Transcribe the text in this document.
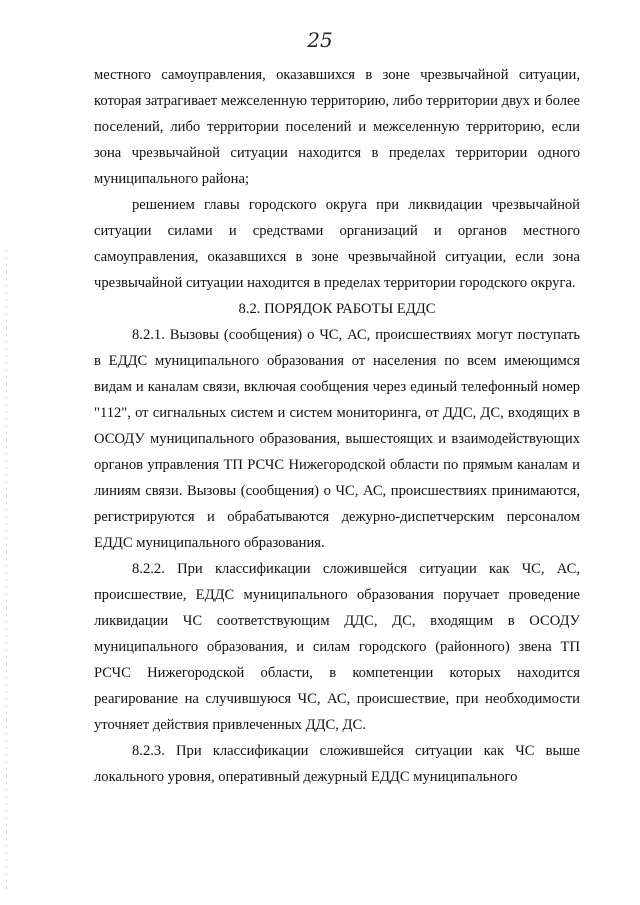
25

местного самоуправления, оказавшихся в зоне чрезвычайной ситуации, которая затрагивает межселенную территорию, либо территории двух и более поселений, либо территории поселений и межселенную территорию, если зона чрезвычайной ситуации находится в пределах территории одного муниципального района;

решением главы городского округа при ликвидации чрезвычайной ситуации силами и средствами организаций и органов местного самоуправления, оказавшихся в зоне чрезвычайной ситуации, если зона чрезвычайной ситуации находится в пределах территории городского округа.

8.2. ПОРЯДОК РАБОТЫ ЕДДС

8.2.1. Вызовы (сообщения) о ЧС, АС, происшествиях могут поступать в ЕДДС муниципального образования от населения по всем имеющимся видам и каналам связи, включая сообщения через единый телефонный номер "112", от сигнальных систем и систем мониторинга, от ДДС, ДС, входящих в ОСОДУ муниципального образования, вышестоящих и взаимодействующих органов управления ТП РСЧС Нижегородской области по прямым каналам и линиям связи. Вызовы (сообщения) о ЧС, АС, происшествиях принимаются, регистрируются и обрабатываются дежурно-диспетчерским персоналом ЕДДС муниципального образования.

8.2.2. При классификации сложившейся ситуации как ЧС, АС, происшествие, ЕДДС муниципального образования поручает проведение ликвидации ЧС соответствующим ДДС, ДС, входящим в ОСОДУ муниципального образования, и силам городского (районного) звена ТП РСЧС Нижегородской области, в компетенции которых находится реагирование на случившуюся ЧС, АС, происшествие, при необходимости уточняет действия привлеченных ДДС, ДС.

8.2.3. При классификации сложившейся ситуации как ЧС выше локального уровня, оперативный дежурный ЕДДС муниципального
